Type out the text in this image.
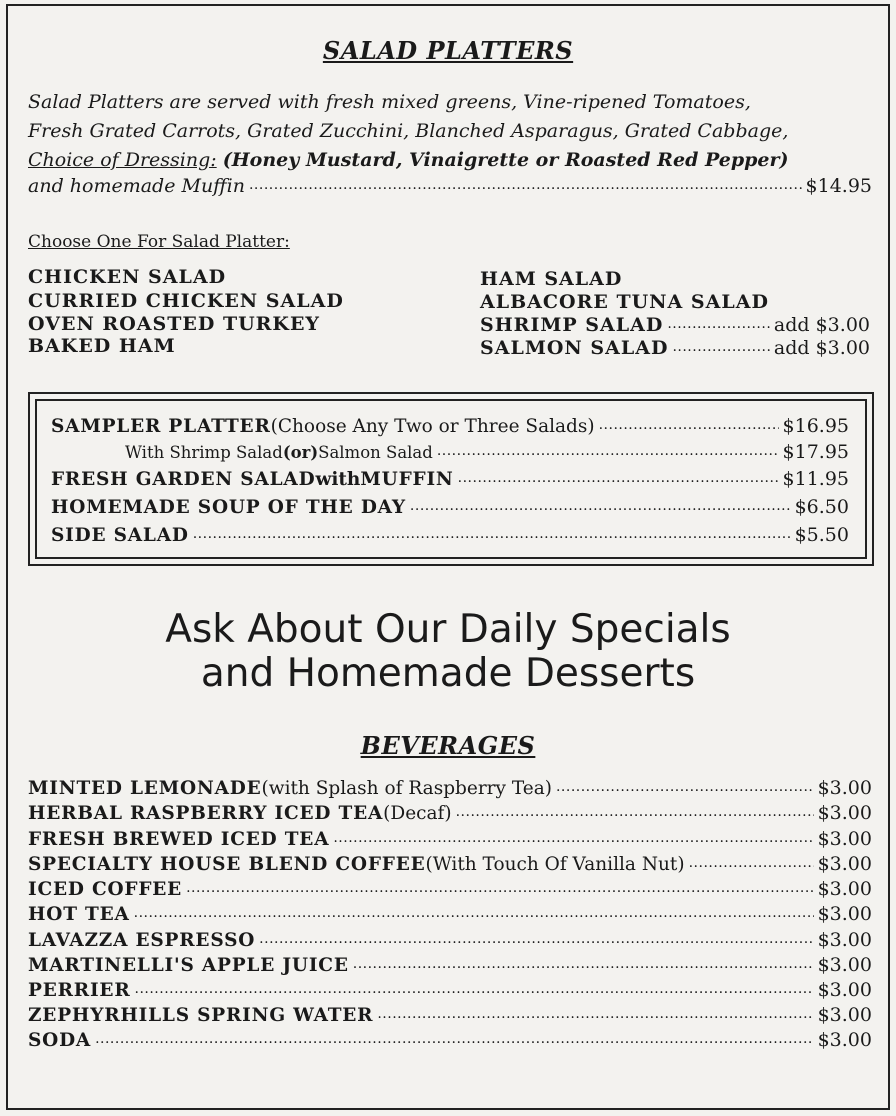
SALAD PLATTERS
Salad Platters are served with fresh mixed greens, Vine-ripened Tomatoes,
Fresh Grated Carrots, Grated Zucchini, Blanched Asparagus, Grated Cabbage,
Choice of Dressing: (Honey Mustard, Vinaigrette or Roasted Red Pepper)
and homemade Muffin .....	$14.95
Choose One For Salad Platter:
CHICKEN SALAD
CURRIED CHICKEN SALAD
OVEN ROASTED TURKEY
BAKED HAM
HAM SALAD
ALBACORE TUNA SALAD
SHRIMP SALAD .....	add $3.00
SALMON SALAD .....	add $3.00
SAMPLER PLATTER (Choose Any Two or Three Salads) .....	$16.95
With Shrimp Salad (or) Salmon Salad .....	$17.95
FRESH GARDEN SALAD with MUFFIN .....	$11.95
HOMEMADE SOUP OF THE DAY .....	$6.50
SIDE SALAD .....	$5.50
Ask About Our Daily Specials
and Homemade Desserts
BEVERAGES
MINTED LEMONADE (with Splash of Raspberry Tea) .....	$3.00
HERBAL RASPBERRY ICED TEA (Decaf) .....	$3.00
FRESH BREWED ICED TEA .....	$3.00
SPECIALTY HOUSE BLEND COFFEE (With Touch Of Vanilla Nut) .....	$3.00
ICED COFFEE .....	$3.00
HOT TEA .....	$3.00
LAVAZZA ESPRESSO .....	$3.00
MARTINELLI'S APPLE JUICE .....	$3.00
PERRIER .....	$3.00
ZEPHYRHILLS SPRING WATER .....	$3.00
SODA .....	$3.00
